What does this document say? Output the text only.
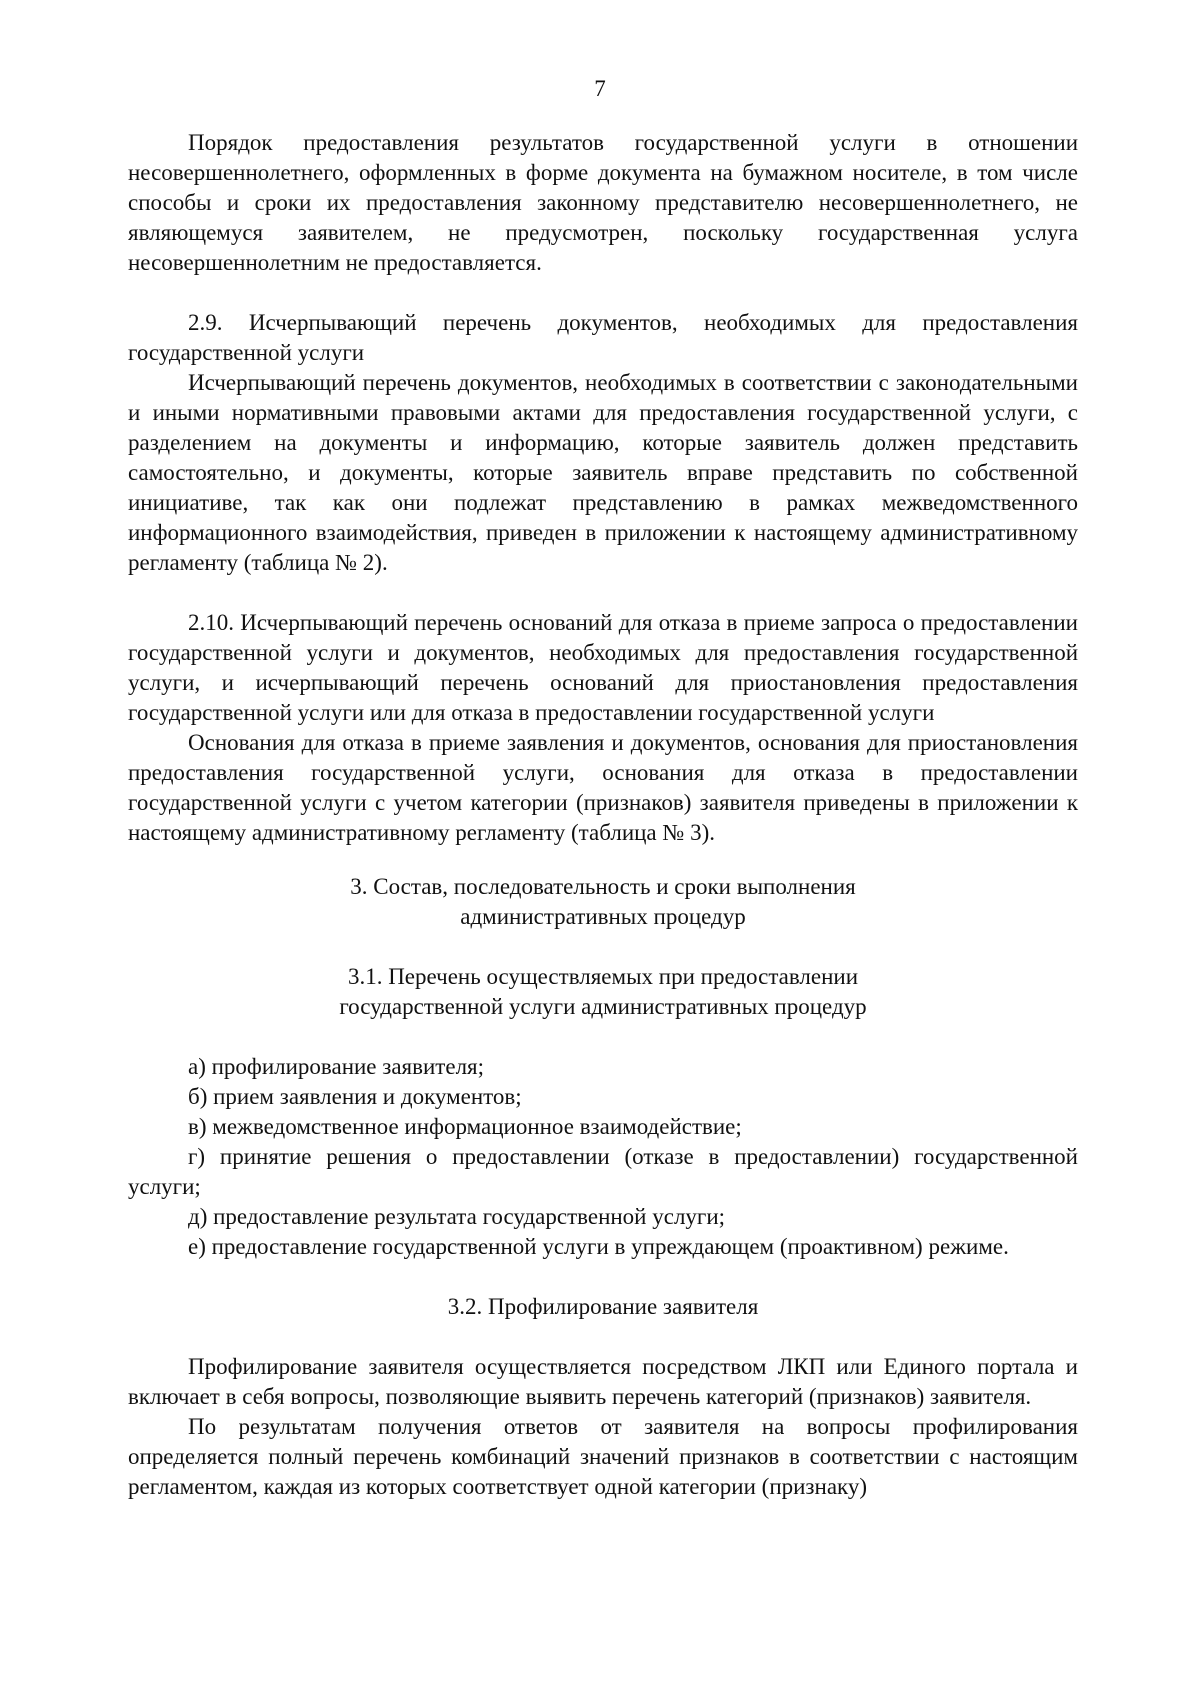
7

Порядок предоставления результатов государственной услуги в отношении несовершеннолетнего, оформленных в форме документа на бумажном носителе, в том числе способы и сроки их предоставления законному представителю несовершеннолетнего, не являющемуся заявителем, не предусмотрен, поскольку государственная услуга несовершеннолетним не предоставляется.

2.9. Исчерпывающий перечень документов, необходимых для предоставления государственной услуги

Исчерпывающий перечень документов, необходимых в соответствии с законодательными и иными нормативными правовыми актами для предоставления государственной услуги, с разделением на документы и информацию, которые заявитель должен представить самостоятельно, и документы, которые заявитель вправе представить по собственной инициативе, так как они подлежат представлению в рамках межведомственного информационного взаимодействия, приведен в приложении к настоящему административному регламенту (таблица № 2).

2.10. Исчерпывающий перечень оснований для отказа в приеме запроса о предоставлении государственной услуги и документов, необходимых для предоставления государственной услуги, и исчерпывающий перечень оснований для приостановления предоставления государственной услуги или для отказа в предоставлении государственной услуги

Основания для отказа в приеме заявления и документов, основания для приостановления предоставления государственной услуги, основания для отказа в предоставлении государственной услуги с учетом категории (признаков) заявителя приведены в приложении к настоящему административному регламенту (таблица № 3).

3. Состав, последовательность и сроки выполнения
административных процедур
3.1. Перечень осуществляемых при предоставлении
государственной услуги административных процедур

а) профилирование заявителя;

б) прием заявления и документов;

в) межведомственное информационное взаимодействие;

г) принятие решения о предоставлении (отказе в предоставлении) государственной услуги;

д) предоставление результата государственной услуги;

е) предоставление государственной услуги в упреждающем (проактивном) режиме.

3.2. Профилирование заявителя

Профилирование заявителя осуществляется посредством ЛКП или Единого портала и включает в себя вопросы, позволяющие выявить перечень категорий (признаков) заявителя.

По результатам получения ответов от заявителя на вопросы профилирования определяется полный перечень комбинаций значений признаков в соответствии с настоящим регламентом, каждая из которых соответствует одной категории (признаку)
